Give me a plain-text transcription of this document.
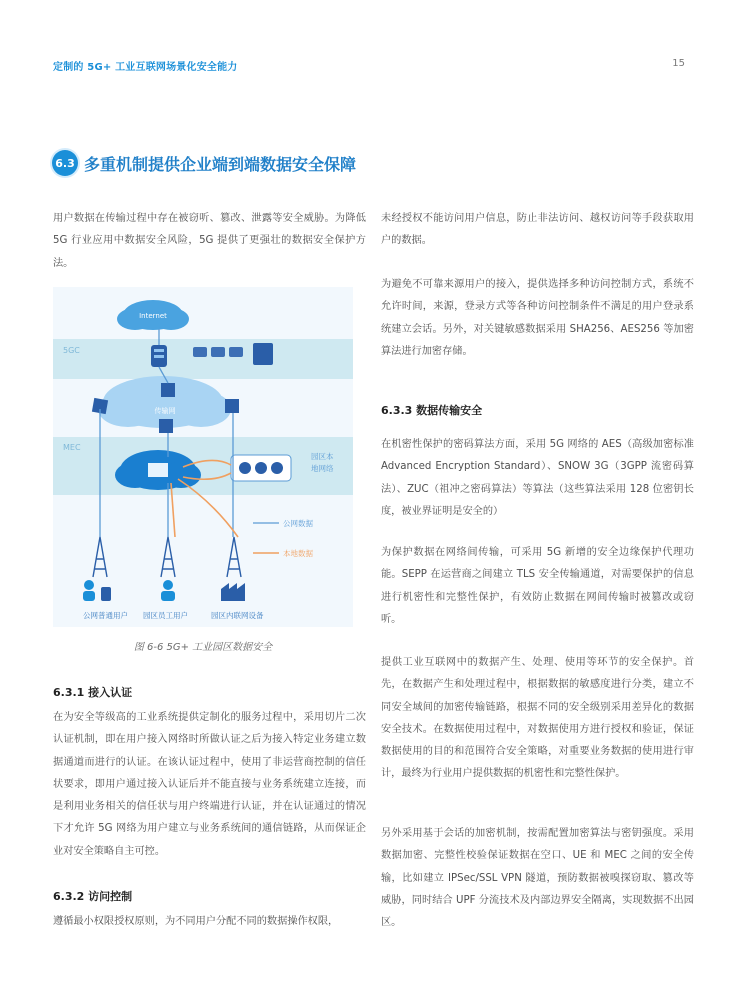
定制的 5G+ 工业互联网场景化安全能力	15
6.3 多重机制提供企业端到端数据安全保障

用户数据在传输过程中存在被窃听、篡改、泄露等安全威胁。为降低 5G 行业应用中数据安全风险，5G 提供了更强壮的数据安全保护方法。

5GC
MEC
Internet
传输网
园区本
地网络
公网数据
本地数据
公网普通用户 园区员工用户	园区内联网设备
图 6-6 5G+ 工业园区数据安全
6.3.1 接入认证

在为安全等级高的工业系统提供定制化的服务过程中，采用切片二次认证机制，即在用户接入网络时所做认证之后为接入特定业务建立数据通道而进行的认证。在该认证过程中，使用了非运营商控制的信任状要求，即用户通过接入认证后并不能直接与业务系统建立连接，而是利用业务相关的信任状与用户终端进行认证，并在认证通过的情况下才允许 5G 网络为用户建立与业务系统间的通信链路，从而保证企业对安全策略自主可控。

6.3.2 访问控制

遵循最小权限授权原则，为不同用户分配不同的数据操作权限，

未经授权不能访问用户信息，防止非法访问、越权访问等手段获取用户的数据。

为避免不可靠来源用户的接入，提供选择多种访问控制方式，系统不允许时间，来源，登录方式等各种访问控制条件不满足的用户登录系统建立会话。另外，对关键敏感数据采用 SHA256、AES256 等加密算法进行加密存储。

6.3.3 数据传输安全

在机密性保护的密码算法方面，采用 5G 网络的 AES（高级加密标准 Advanced Encryption Standard）、SNOW 3G（3GPP 流密码算法）、ZUC（祖冲之密码算法）等算法（这些算法采用 128 位密钥长度，被业界证明是安全的）

为保护数据在网络间传输，可采用 5G 新增的安全边缘保护代理功能。SEPP 在运营商之间建立 TLS 安全传输通道，对需要保护的信息进行机密性和完整性保护，有效防止数据在网间传输时被篡改或窃听。

提供工业互联网中的数据产生、处理、使用等环节的安全保护。首先，在数据产生和处理过程中，根据数据的敏感度进行分类，建立不同安全域间的加密传输链路，根据不同的安全级别采用差异化的数据安全技术。在数据使用过程中，对数据使用方进行授权和验证，保证数据使用的目的和范围符合安全策略，对重要业务数据的使用进行审计，最终为行业用户提供数据的机密性和完整性保护。

另外采用基于会话的加密机制，按需配置加密算法与密钥强度。采用数据加密、完整性校验保证数据在空口、UE 和 MEC 之间的安全传输，比如建立 IPSec/SSL VPN 隧道，预防数据被嗅探窃取、篡改等威胁，同时结合 UPF 分流技术及内部边界安全隔离，实现数据不出园区。
